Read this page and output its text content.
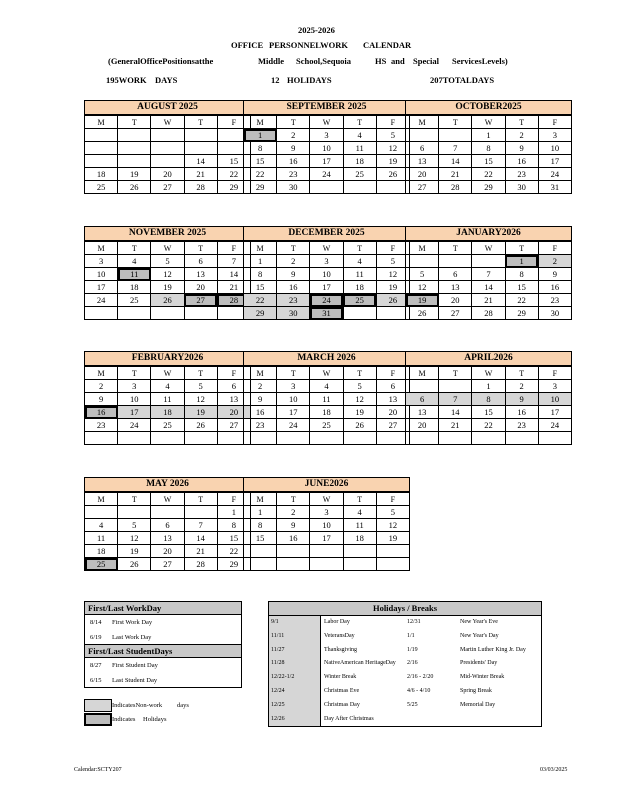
2025-2026
OFFICE PERSONNELWORK CALENDAR
(GeneralOfficePositionsatthe	Middle School,Sequoia	HS and Special ServicesLevels)
195WORK DAYS	12 HOLIDAYS	207TOTALDAYS
AUGUST 2025
M	T	W	T	F

			14	15
18	19	20	21	22
25	26	27	28	29
SEPTEMBER 2025
M	T	W	T	F
1	2	3	4	5
8	9	10	11	12
15	16	17	18	19
22	23	24	25	26
29	30			
OCTOBER2025
M	T	W	T	F
		1	2	3
6	7	8	9	10
13	14	15	16	17
20	21	22	23	24
27	28	29	30	31
NOVEMBER 2025
M	T	W	T	F
3	4	5	6	7
10	11	12	13	14
17	18	19	20	21
24	25	26	27	28

DECEMBER 2025
M	T	W	T	F
1	2	3	4	5
8	9	10	11	12
15	16	17	18	19
22	23	24	25	26
29	30	31		
JANUARY2026
M	T	W	T	F
			1	2
5	6	7	8	9
12	13	14	15	16
19	20	21	22	23
26	27	28	29	30
FEBRUARY2026
M	T	W	T	F
2	3	4	5	6
9	10	11	12	13
16	17	18	19	20
23	24	25	26	27

MARCH 2026
M	T	W	T	F
2	3	4	5	6
9	10	11	12	13
16	17	18	19	20
23	24	25	26	27

APRIL2026
M	T	W	T	F
		1	2	3
6	7	8	9	10
13	14	15	16	17
20	21	22	23	24

MAY 2026
M	T	W	T	F
				1
4	5	6	7	8
11	12	13	14	15
18	19	20	21	22
25	26	27	28	29
JUNE2026
M	T	W	T	F
1	2	3	4	5
8	9	10	11	12
15	16	17	18	19

First/Last WorkDay
8/14	First Work Day
6/19	Last Work Day
First/Last StudentDays
8/27	First Student Day
6/15	Last Student Day
IndicatesNon-work days
Indicates Holidays
Holidays / Breaks
9/1	Labor Day
11/11	VeteransDay
11/27	Thanksgiving
11/28	NativeAmerican HeritageDay
12/22-1/2	Winter Break
12/24	Christmas Eve
12/25	Christmas Day
12/26	Day After Christmas
12/31	New Year's Eve
1/1	New Year's Day
1/19	Martin Luther King Jr. Day
2/16	Presidents' Day
2/16 - 2/20	Mid-Winter Break
4/6 - 4/10	Spring Break
5/25	Memorial Day
Calendar:SCTY207	03/03/2025
